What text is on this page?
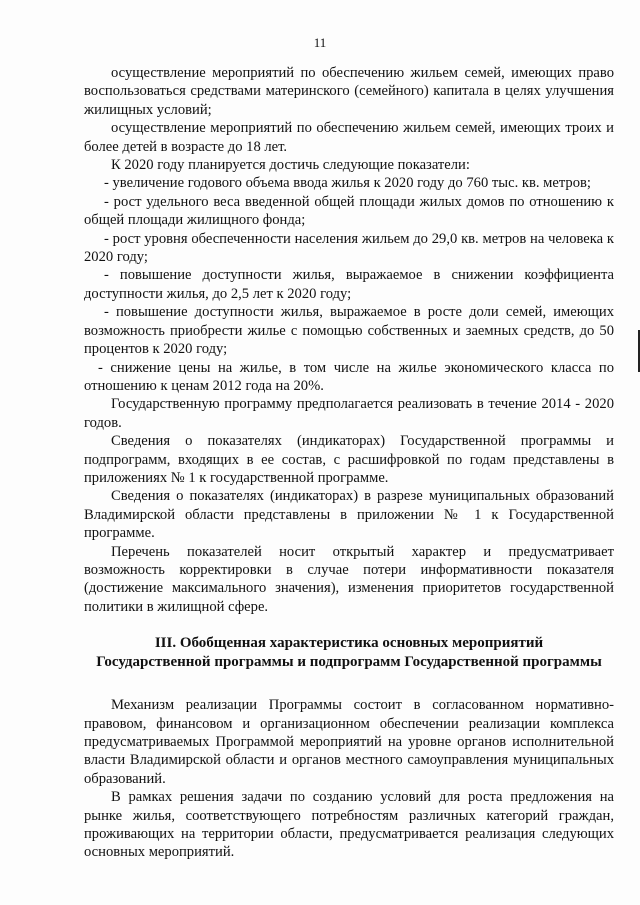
11

осуществление мероприятий по обеспечению жильем семей, имеющих право воспользоваться средствами материнского (семейного) капитала в целях улучшения жилищных условий;

осуществление мероприятий по обеспечению жильем семей, имеющих троих и более детей в возрасте до 18 лет.

К 2020 году планируется достичь следующие показатели:

- увеличение годового объема ввода жилья к 2020 году до 760 тыс. кв. метров;

- рост удельного веса введенной общей площади жилых домов по отношению к общей площади жилищного фонда;

- рост уровня обеспеченности населения жильем до 29,0 кв. метров на человека к 2020 году;

- повышение доступности жилья, выражаемое в снижении коэффициента доступности жилья, до 2,5 лет к 2020 году;

- повышение доступности жилья, выражаемое в росте доли семей, имеющих возможность приобрести жилье с помощью собственных и заемных средств, до 50 процентов к 2020 году;

- снижение цены на жилье, в том числе на жилье экономического класса по отношению к ценам 2012 года на 20%.

Государственную программу предполагается реализовать в течение 2014 - 2020 годов.

Сведения о показателях (индикаторах) Государственной программы и подпрограмм, входящих в ее состав, с расшифровкой по годам представлены в приложениях № 1 к государственной программе.

Сведения о показателях (индикаторах) в разрезе муниципальных образований Владимирской области представлены в приложении № 1 к Государственной программе.

Перечень показателей носит открытый характер и предусматривает возможность корректировки в случае потери информативности показателя (достижение максимального значения), изменения приоритетов государственной политики в жилищной сфере.

III. Обобщенная характеристика основных мероприятий
Государственной программы и подпрограмм Государственной программы

Механизм реализации Программы состоит в согласованном нормативно-правовом, финансовом и организационном обеспечении реализации комплекса предусматриваемых Программой мероприятий на уровне органов исполнительной власти Владимирской области и органов местного самоуправления муниципальных образований.

В рамках решения задачи по созданию условий для роста предложения на рынке жилья, соответствующего потребностям различных категорий граждан, проживающих на территории области, предусматривается реализация следующих основных мероприятий.
